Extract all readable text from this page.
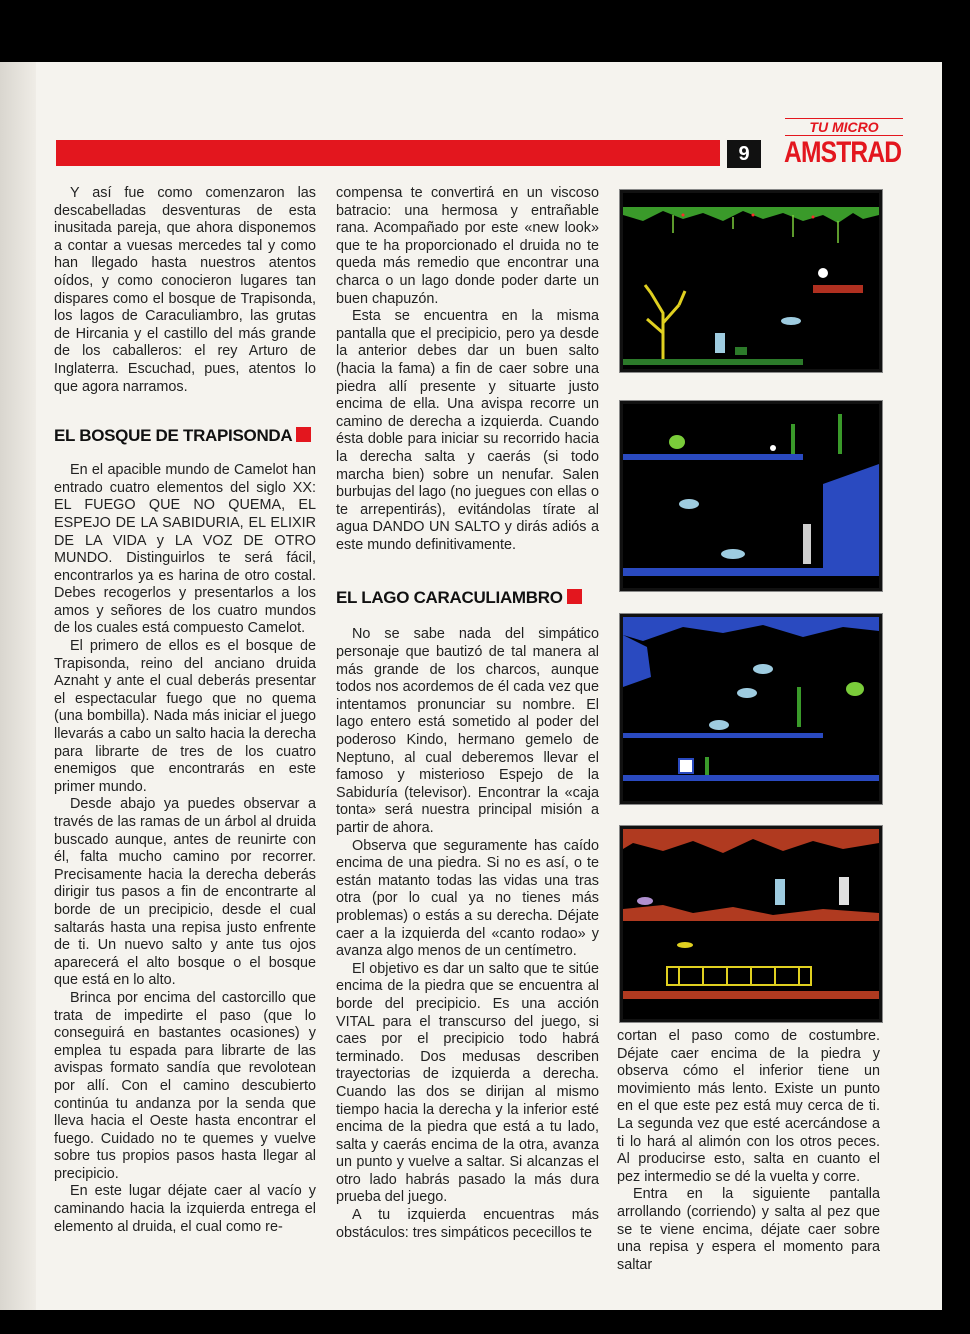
9
TU MICRO
AMSTRAD

Y así fue como comenzaron las descabelladas desventuras de esta inusitada pareja, que ahora disponemos a contar a vuesas mercedes tal y como han llegado hasta nuestros atentos oídos, y como conocieron lugares tan dispares como el bosque de Trapisonda, los lagos de Caraculiambro, las grutas de Hircania y el castillo del más grande de los caballeros: el rey Arturo de Inglaterra. Escuchad, pues, atentos lo que agora narramos.

EL BOSQUE DE TRAPISONDA

En el apacible mundo de Camelot han entrado cuatro elementos del siglo XX: EL FUEGO QUE NO QUEMA, EL ESPEJO DE LA SABIDURIA, EL ELIXIR DE LA VIDA y LA VOZ DE OTRO MUNDO. Distinguirlos te será fácil, encontrarlos ya es harina de otro costal. Debes recogerlos y presentarlos a los amos y señores de los cuatro mundos de los cuales está compuesto Camelot.

El primero de ellos es el bosque de Trapisonda, reino del anciano druida Aznaht y ante el cual deberás presentar el espectacular fuego que no quema (una bombilla). Nada más iniciar el juego llevarás a cabo un salto hacia la derecha para librarte de tres de los cuatro enemigos que encontrarás en este primer mundo.

Desde abajo ya puedes observar a través de las ramas de un árbol al druida buscado aunque, antes de reunirte con él, falta mucho camino por recorrer. Precisamente hacia la derecha deberás dirigir tus pasos a fin de encontrarte al borde de un precipicio, desde el cual saltarás hasta una repisa justo enfrente de ti. Un nuevo salto y ante tus ojos aparecerá el alto bosque o el bosque que está en lo alto.

Brinca por encima del castorcillo que trata de impedirte el paso (que lo conseguirá en bastantes ocasiones) y emplea tu espada para librarte de las avispas formato sandía que revolotean por allí. Con el camino descubierto continúa tu andanza por la senda que lleva hacia el Oeste hasta encontrar el fuego. Cuidado no te quemes y vuelve sobre tus propios pasos hasta llegar al precipicio.

En este lugar déjate caer al vacío y caminando hacia la izquierda entrega el elemento al druida, el cual como re-

compensa te convertirá en un viscoso batracio: una hermosa y entrañable rana. Acompañado por este «new look» que te ha proporcionado el druida no te queda más remedio que encontrar una charca o un lago donde poder darte un buen chapuzón.

Esta se encuentra en la misma pantalla que el precipicio, pero ya desde la anterior debes dar un buen salto (hacia la fama) a fin de caer sobre una piedra allí presente y situarte justo encima de ella. Una avispa recorre un camino de derecha a izquierda. Cuando ésta doble para iniciar su recorrido hacia la derecha salta y caerás (si todo marcha bien) sobre un nenufar. Salen burbujas del lago (no juegues con ellas o te arrepentirás), evitándolas tírate al agua DANDO UN SALTO y dirás adiós a este mundo definitivamente.

EL LAGO CARACULIAMBRO

No se sabe nada del simpático personaje que bautizó de tal manera al más grande de los charcos, aunque todos nos acordemos de él cada vez que intentamos pronunciar su nombre. El lago entero está sometido al poder del poderoso Kindo, hermano gemelo de Neptuno, al cual deberemos llevar el famoso y misterioso Espejo de la Sabiduría (televisor). Encontrar la «caja tonta» será nuestra principal misión a partir de ahora.

Observa que seguramente has caído encima de una piedra. Si no es así, o te están matanto todas las vidas una tras otra (por lo cual ya no tienes más problemas) o estás a su derecha. Déjate caer a la izquierda del «canto rodao» y avanza algo menos de un centímetro.

El objetivo es dar un salto que te sitúe encima de la piedra que se encuentra al borde del precipicio. Es una acción VITAL para el transcurso del juego, si caes por el precipicio todo habrá terminado. Dos medusas describen trayectorias de izquierda a derecha. Cuando las dos se dirijan al mismo tiempo hacia la derecha y la inferior esté encima de la piedra que está a tu lado, salta y caerás encima de la otra, avanza un punto y vuelve a saltar. Si alcanzas el otro lado habrás pasado la más dura prueba del juego.

A tu izquierda encuentras más obstáculos: tres simpáticos pececillos te

cortan el paso como de costumbre. Déjate caer encima de la piedra y observa cómo el inferior tiene un movimiento más lento. Existe un punto en el que este pez está muy cerca de ti. La segunda vez que esté acercándose a ti lo hará al alimón con los otros peces. Al producirse esto, salta en cuanto el pez intermedio se dé la vuelta y corre.

Entra en la siguiente pantalla arrollando (corriendo) y salta al pez que se te viene encima, déjate caer sobre una repisa y espera el momento para saltar
